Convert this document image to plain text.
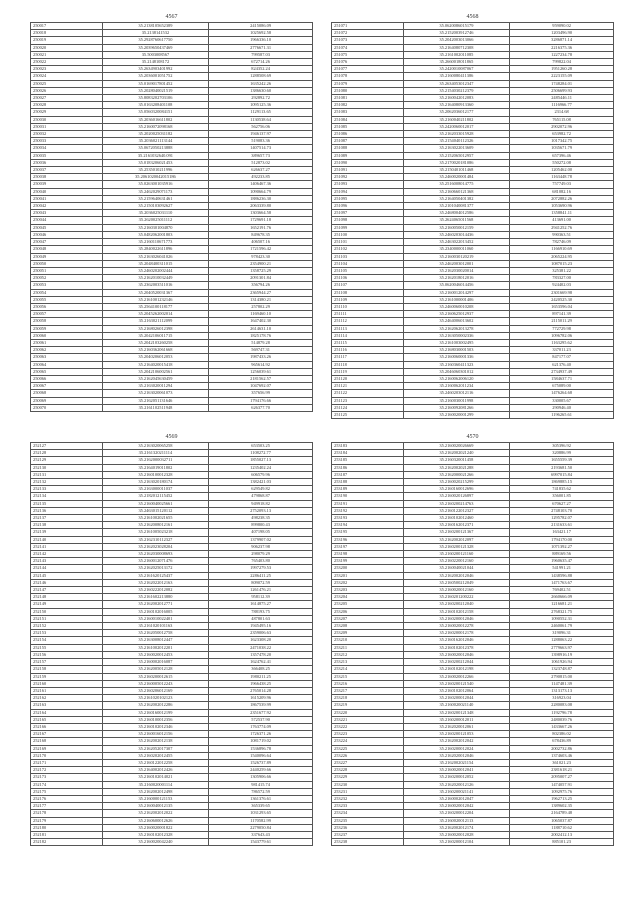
4567
250017	35.2138105652389	2415086.09
250018	35.2138141532	1025692.58
250019	35.2928760617750	1966336.10
250020	35.2039650437469	2776671.31
250021	35.5003008567	799587.03
250022	35.2148108172	672714.26
250023	35.2634903401992	824352.24
250024	35.2036001051752	1288508.69
250025	35.0169017801452	1635242.26
250026	35.2028040021519	1386630.60
250027	35.8083202703106	292892.72
250028	35.0163208401108	1095125.36
250029	35.0560320084151	1129113.65
250030	35.2036016611802	1130538.64
250031	35.2160072098168	562756.06
250032	35.2020025031182	1946137.97
250033	35.2036021113144	519083.36
250034	35.0672050213888	1407514.73
250035	35.2161032640.091	389657.73
250036	35.0183206021453	512873.02
250037	35.2535010211996	626637.27
250038	35.2061020042015186	492233.85
250039	35.0263001035916	1406467.36
250040	35.2462029071173	1090664.79
250041	35.2159640631461	1886236.30
250042	35.2150103092627	2063339.80
250043	35.2036025031110	1303664.58
250044	35.2620025011112	1729691.18
250045	35.2160301004870	1652191.76
250046	35.0482062001803	849678.35
250047	35.2160110671773	406507.16
250048	35.2840022611896	1721596.42
250049	35.2163026041026	978423.30
250050	35.2048400311015	2354900.21
250051	35.2460202002444	1358725.29
250052	35.2162010032449	2091301.84
250053	35.2362003511016	356794.26
250054	35.2040520031367	2365944.27
250055	35.2161001232146	1314380.21
250056	35.2564100118177	257802.29
250057	35.2045262002014	1169460.10
250058	35.2163021112099	1647402.30
250059	35.2168026012398	2614631.10
250060	35.2042106011715	1825178.76
250061	35.2042103260258	514879.28
250062	35.2160362061668	569747.31
250063	35.2040206012053	1987433.26
250064	35.2164020015418	965614.92
250065	35.2042106002561	1256039.61
250066	35.2162045630459	2181562.57
250067	35.2163020011294	1047692.07
250068	35.2163020061073	357656.99
250069	35.2162051131646	1794176.66
250070	35.2161102511948	626377.70
4568
251071	35.0620086015179	959090.02
251072	35.2152003912746	1203496.90
251073	35.2042003013066	3286871.14
251074	35.2164080712308	2216375.36
251075	35.2161002011085	1227234.78
251076	35.2660018011865	799822.04
251077	35.2420010087067	1951260.28
251078	35.2160080411386	2223155.09
251079	35.2634053012347	1748284.01
251080	35.2154030212379	2506699.93
251081	35.2160042012083	2485446.11
251082	35.2164080913360	1116966.77
251083	35.2062036012177	2314.68
251084	35.2160040211802	765115.08
251085	35.2420060012017	2902072.96
251086	35.2162033015928	653982.72
251087	35.2154040112326	1017342.75
251088	35.2163022013609	1035671.79
251089	35.2152065012957	657396.46
251090	35.2170020181086	550272.08
251091	35.2150401011468	1205462.00
251092	35.2460020001484	1163448.78
251093	35.2516008014775	757749.03
251094	35.2160660121368	681082.16
251095	35.2164050401382	2072882.26
251096	35.2101040081377	1053690.96
251097	35.2468004012586	1358841.11
251098	35.2624065011568	413691.00
251099	35.2160050012159	2941252.76
251100	35.2460203014436	990363.51
251101	35.2463022013452	782746.09
251102	35.2340000011060	1166910.69
251103	35.2160030120219	2065224.95
251104	35.2462003012001	1087015.23
251105	35.2162030020014	325381.22
251106	35.2162018012016	783327.00
251107	35.0620046014456	924402.03
251108	35.2160012014297	2301669.98
251109	35.2161000001406	2420525.30
251110	35.2460060010208	1653596.04
251111	35.2160625012937	897141.39
251112	35.2464006013602	2115011.29
251113	35.2162062013278	772729.98
251114	35.2163050002336	1096782.06
251115	35.2161003002495	1163295.62
251116	35.2168030001503	337011.23
251117	35.2160060001336	847177.07
251118	35.2160360411323	621376.40
251119	35.2046060301012	2734937.49
251120	35.2160062006120	1584637.71
251121	35.2160062011234	675089.00
251122	35.2460203012116	1476264.68
251123	35.2160030011998	330005.67
251124	35.2160092081266	290946.40
251125	35.2160020001299	1196265.61
4569
252127	35.2163020065258	653503.25
252128	35.2161320211114	1108272.77
252129	35.2162000032711	1855027.13
252130	35.2164019011802	1235402.24
252131	35.2160100012328	606579.96
252132	35.2163020180174	1382421.03
252133	35.2163000011037	629549.82
252134	35.2182012115452	479868.87
252135	35.2160040025661	949918.82
252136	35.2463015120112	2752093.13
252137	35.2161002021655	498238.35
252138	35.2162008012161	899800.43
252139	35.2161005023218	407198.05
252140	35.2162310112327	1379907.02
252141	35.2162023028204	906237.98
252142	35.2162030008693	298079.29
252143	35.2160012071476	765403.80
252144	35.2162025013172	1997279.53
252145	35.2161620125437	2286411.25
252146	35.2162022012163	809072.59
252147	35.2160222012082	1261476.21
252148	35.2161602213880	958112.39
252149	35.2162002012771	1614875.27
252150	35.2160102016005	788193.75
252151	35.2160010022401	487801.63
252152	35.2161020101163	1945495.16
252153	35.2162050012758	2359006.63
252154	35.2163008012447	1623308.20
252155	35.2161002012201	2471038.22
252156	35.2160020012453	1357478.20
252157	35.2160002016087	1624762.41
252158	35.2162005012128	366408.25
252159	35.2160200012615	1980211.25
252160	35.2160005012243	1966438.25
252161	35.2160206012169	2765014.28
252162	35.2161020102123	1615209.96
252163	35.2162002012286	1867539.99
252164	35.2160160012199	2351677.92
252165	35.2160100012356	572537.90
252166	35.2160102012346	1763774.09
252167	35.2160016012156	1726371.26
252168	35.2162002012138	1081719.02
252169	35.2162052017307	1536896.78
252170	35.2160202012455	1540096.64
252171	35.2160122012258	1526737.89
252172	35.2164002012426	2440259.66
252173	35.2160102014021	1305906.66
252174	35.2160020001114	981415.74
252175	35.2162002012498	786572.59
252176	35.2160000121153	1361376.61
252177	35.2160040012135	365339.65
252178	35.2162002012022	1031293.65
252179	35.2160600012626	1170582.99
252180	35.2160020001822	2279050.84
252181	35.2160102012328	337643.43
252182	35.2160020042240	1543779.61
4570
253183	35.2160020026669	305396.92
253184	35.2162002021240	320886.99
253185	35.2160320011458	1655559.39
253186	35.2162002021288	2193681.50
253187	35.2162000021266	6997015.84
253188	35.2160020215299	1869885.15
253189	35.2160160012696	741835.62
253190	35.2160020126897	356001.85
253191	35.2160200214763	670627.27
253192	35.2160122012327	2748103.70
253193	35.2160102012460	1295782.07
253194	35.2160162012371	2131633.61
253195	35.2160200121367	163421.17
253196	35.2162002012097	1794170.00
253197	35.2160200121328	1071392.27
253198	35.2160200121160	889169.56
253199	35.2160220012160	1960635.47
253200	35.2160040021044	541991.21
253201	35.2162002012046	1438596.88
253202	35.2160500212049	1471763.67
253203	35.2160020012160	769402.51
253204	35.2160201200222	2660666.09
253205	35.2160200212040	1216681.21
253206	35.2160102012158	2768321.75
253207	35.2160200012046	1090552.31
253208	35.2160020012278	2460061.79
253209	35.2160200012178	319096.31
253210	35.2160162012046	1288063.22
253211	35.2160102012378	2779663.97
253212	35.2160020012046	1398916.19
253213	35.2160200212044	1061926.94
253214	35.2160102012198	1323748.87
253215	35.2160020012266	2790815.00
253216	35.2160200121540	1147481.39
253217	35.2160102012064	1313173.13
253218	35.2160200012044	316923.04
253219	35.2160020021140	2280083.08
253220	35.2160200121348	1192796.78
253221	35.2160200012011	2480039.76
253222	35.2162020012061	1433667.26
253223	35.2160200121053	802386.02
253224	35.2162002012042	678436.89
253225	35.2160200012024	2002732.86
253226	35.2162020012046	1374603.46
253227	35.2162002021154	361021.23
253228	35.2160020012041	2381618.21
253229	35.2160200012052	2095007.27
253230	35.2162020012126	1474057.91
253231	35.2160200021141	1092975.76
253232	35.2160002012047	1962713.25
253233	35.2160020012042	1389602.35
253234	35.2160200012204	2164789.48
253235	35.2160020012113	1065037.87
253236	35.2162002012174	1188710.62
253237	35.2160020012028	2002412.13
253238	35.2160200012104	885101.23
